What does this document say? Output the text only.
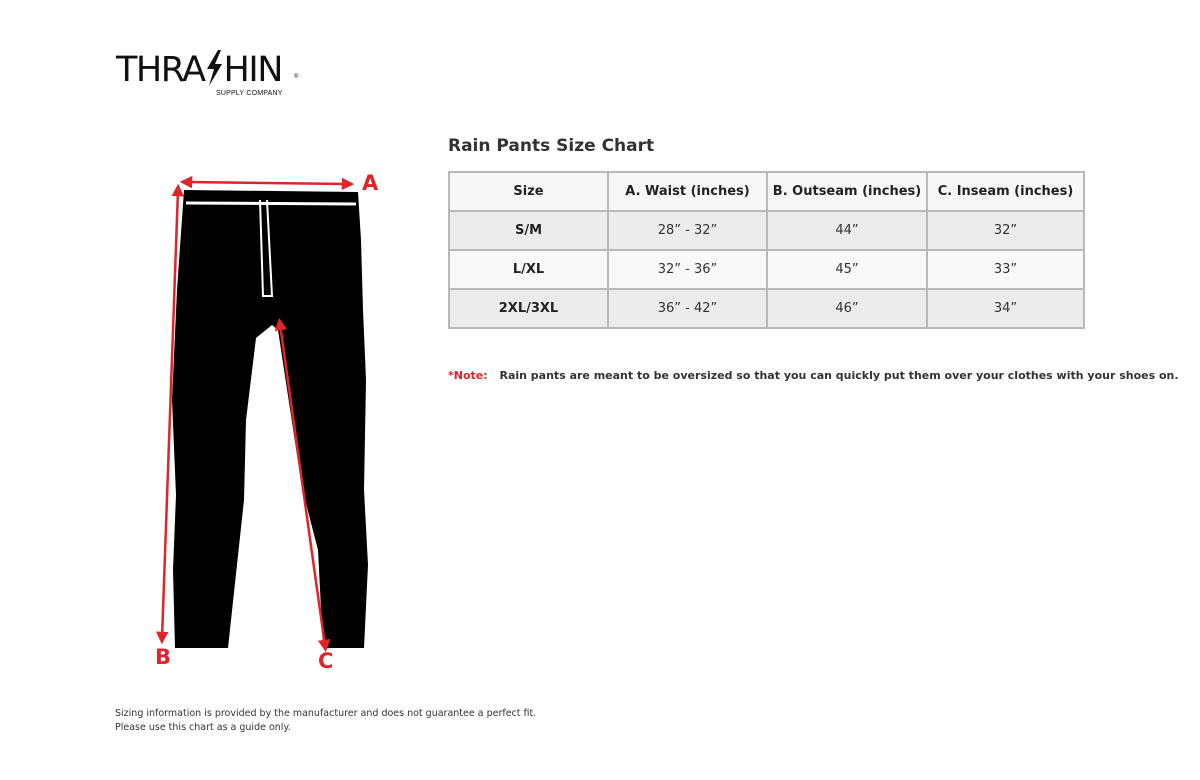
THRA HIN ®
SUPPLY COMPANY
A
B	C
Rain Pants Size Chart
Size	A. Waist (inches)	B. Outseam (inches)	C. Inseam (inches)
S/M	28” - 32”	44”	32”
L/XL	32” - 36”	45”	33”
2XL/3XL	36” - 42”	46”	34”
*Note: Rain pants are meant to be oversized so that you can quickly put them over your clothes with your shoes on.
Sizing information is provided by the manufacturer and does not guarantee a perfect fit.
Please use this chart as a guide only.
